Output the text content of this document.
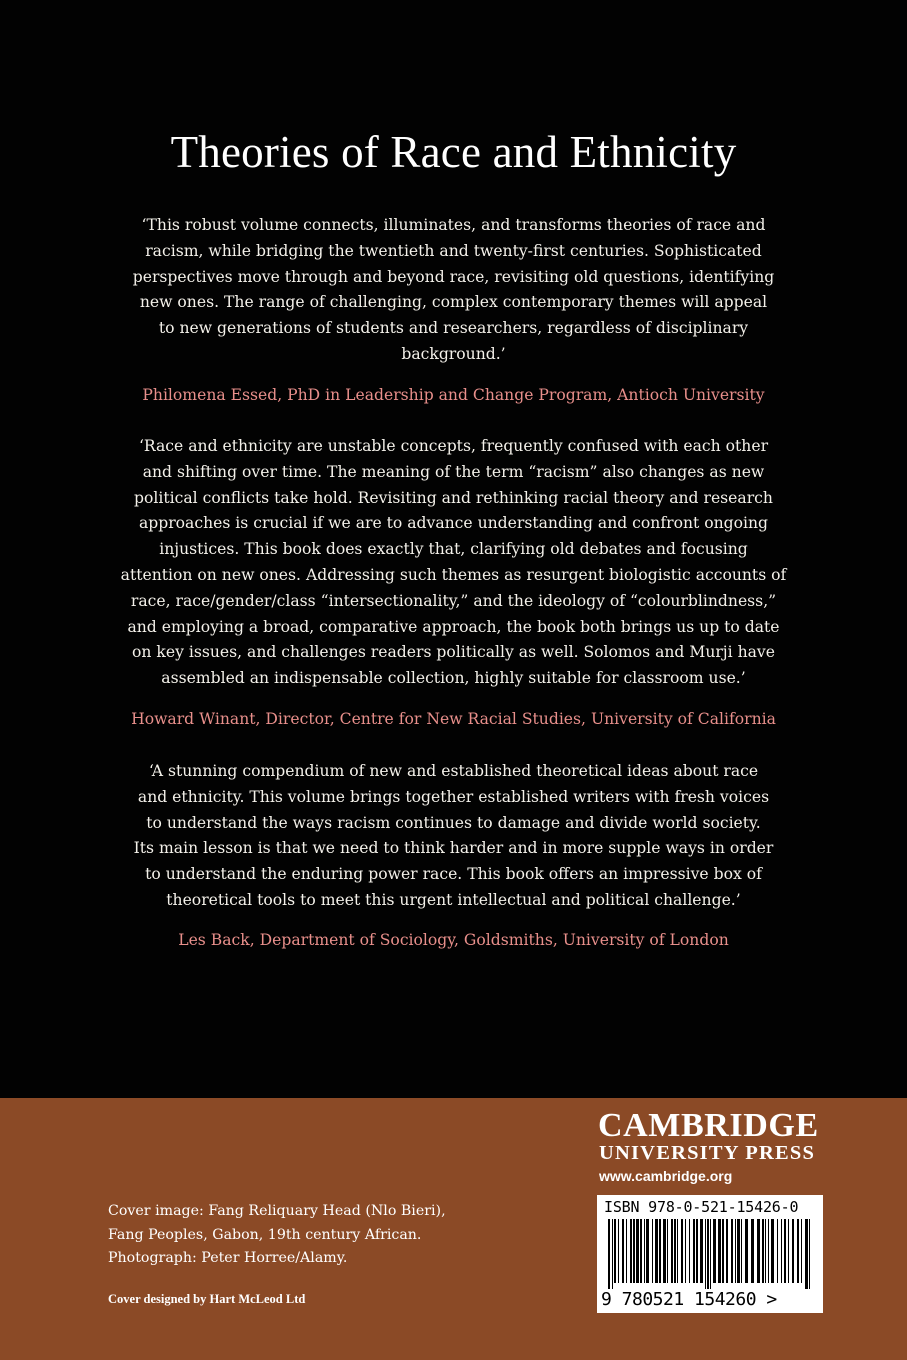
Theories of Race and Ethnicity
‘This robust volume connects, illuminates, and transforms theories of race and
racism, while bridging the twentieth and twenty-first centuries. Sophisticated
perspectives move through and beyond race, revisiting old questions, identifying
new ones. The range of challenging, complex contemporary themes will appeal
to new generations of students and researchers, regardless of disciplinary
background.’
Philomena Essed, PhD in Leadership and Change Program, Antioch University
‘Race and ethnicity are unstable concepts, frequently confused with each other
and shifting over time. The meaning of the term “racism” also changes as new
political conflicts take hold. Revisiting and rethinking racial theory and research
approaches is crucial if we are to advance understanding and confront ongoing
injustices. This book does exactly that, clarifying old debates and focusing
attention on new ones. Addressing such themes as resurgent biologistic accounts of
race, race/gender/class “intersectionality,” and the ideology of “colourblindness,”
and employing a broad, comparative approach, the book both brings us up to date
on key issues, and challenges readers politically as well. Solomos and Murji have
assembled an indispensable collection, highly suitable for classroom use.’
Howard Winant, Director, Centre for New Racial Studies, University of California
‘A stunning compendium of new and established theoretical ideas about race
and ethnicity. This volume brings together established writers with fresh voices
to understand the ways racism continues to damage and divide world society.
Its main lesson is that we need to think harder and in more supple ways in order
to understand the enduring power race. This book offers an impressive box of
theoretical tools to meet this urgent intellectual and political challenge.’
Les Back, Department of Sociology, Goldsmiths, University of London
CAMBRIDGE
UNIVERSITY PRESS
www.cambridge.org
Cover image: Fang Reliquary Head (Nlo Bieri),
Fang Peoples, Gabon, 19th century African.
Photograph: Peter Horree/Alamy.
Cover designed by Hart McLeod Ltd
ISBN 978-0-521-15426-0
9 780521 154260 >
